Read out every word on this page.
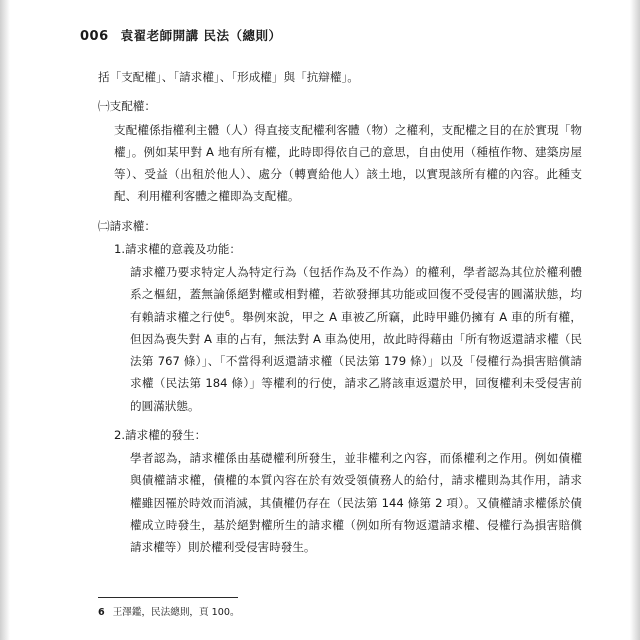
006 袁翟老師開講 民法（總則）

括「支配權」、「請求權」、「形成權」與「抗辯權」。

㈠支配權：

支配權係指權利主體（人）得直接支配權利客體（物）之權利，支配權之目的在於實現「物權」。例如某甲對 A 地有所有權，此時即得依自己的意思，自由使用（種植作物、建築房屋等）、受益（出租於他人）、處分（轉賣給他人）該土地，以實現該所有權的內容。此種支配、利用權利客體之權即為支配權。

㈡請求權：

1.請求權的意義及功能：

請求權乃要求特定人為特定行為（包括作為及不作為）的權利，學者認為其位於權利體系之樞紐，蓋無論係絕對權或相對權，若欲發揮其功能或回復不受侵害的圓滿狀態，均有賴請求權之行使$^6$。舉例來說，甲之 A 車被乙所竊，此時甲雖仍擁有 A 車的所有權，但因為喪失對 A 車的占有，無法對 A 車為使用，故此時得藉由「所有物返還請求權（民法第 767 條）」、「不當得利返還請求權（民法第 179 條）」以及「侵權行為損害賠償請求權（民法第 184 條）」等權利的行使，請求乙將該車返還於甲，回復權利未受侵害前的圓滿狀態。

2.請求權的發生：

學者認為，請求權係由基礎權利所發生，並非權利之內容，而係權利之作用。例如債權與債權請求權，債權的本質內容在於有效受領債務人的給付，請求權則為其作用，請求權雖因罹於時效而消滅，其債權仍存在（民法第 144 條第 2 項）。又債權請求權係於債權成立時發生，基於絕對權所生的請求權（例如所有物返還請求權、侵權行為損害賠償請求權等）則於權利受侵害時發生。

6 王澤鑑，民法總則，頁 100。
